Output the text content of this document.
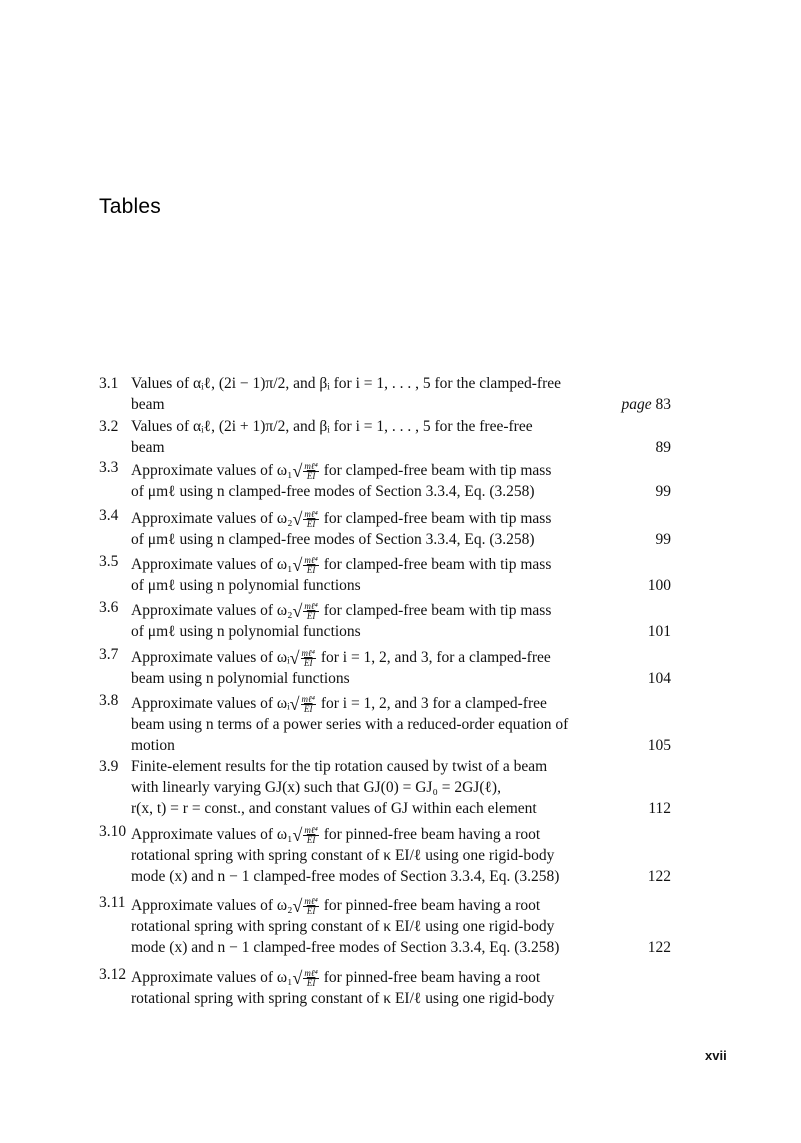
Tables
3.1 Values of αᵢℓ, (2i − 1)π/2, and βᵢ for i = 1, . . . , 5 for the clamped-free
beam	page 83
3.2 Values of αᵢℓ, (2i + 1)π/2, and βᵢ for i = 1, . . . , 5 for the free-free
beam	89
3.3 Approximate values of $\omega_1√ \frac{\text{mℓ⁴}}{EI}$ for clamped-free beam with tip mass
of μmℓ using n clamped-free modes of Section 3.3.4, Eq. (3.258)	99
3.4 Approximate values of $\omega_2√ \frac{\text{mℓ⁴}}{EI}$ for clamped-free beam with tip mass
of μmℓ using n clamped-free modes of Section 3.3.4, Eq. (3.258)	99
3.5 Approximate values of $\omega_1√ \frac{\text{mℓ⁴}}{EI}$ for clamped-free beam with tip mass
of μmℓ using n polynomial functions	100
3.6 Approximate values of $\omega_2√ \frac{\text{mℓ⁴}}{EI}$ for clamped-free beam with tip mass
of μmℓ using n polynomial functions	101
3.7 Approximate values of ωᵢ√ $\frac{\text{mℓ⁴}}{EI}$ for i = 1, 2, and 3, for a clamped-free
beam using n polynomial functions	104
3.8 Approximate values of ωᵢ√ $\frac{\text{mℓ⁴}}{EI}$ for i = 1, 2, and 3 for a clamped-free
beam using n terms of a power series with a reduced-order equation of
motion	105
3.9 Finite-element results for the tip rotation caused by twist of a beam
with linearly varying GJ(x) such that GJ(0) = GJ₀ = 2GJ(ℓ),
r(x, t) = r = const., and constant values of GJ within each element	112
3.10 Approximate values of $\omega_1√ \frac{\text{mℓ⁴}}{EI}$ for pinned-free beam having a root
rotational spring with spring constant of κ EI/ℓ using one rigid-body
mode (x) and n − 1 clamped-free modes of Section 3.3.4, Eq. (3.258)	122
3.11 Approximate values of $\omega_2√ \frac{\text{mℓ⁴}}{EI}$ for pinned-free beam having a root
rotational spring with spring constant of κ EI/ℓ using one rigid-body
mode (x) and n − 1 clamped-free modes of Section 3.3.4, Eq. (3.258)	122
3.12 Approximate values of $\omega_1√ \frac{\text{mℓ⁴}}{EI}$ for pinned-free beam having a root
rotational spring with spring constant of κ EI/ℓ using one rigid-body
xvii
